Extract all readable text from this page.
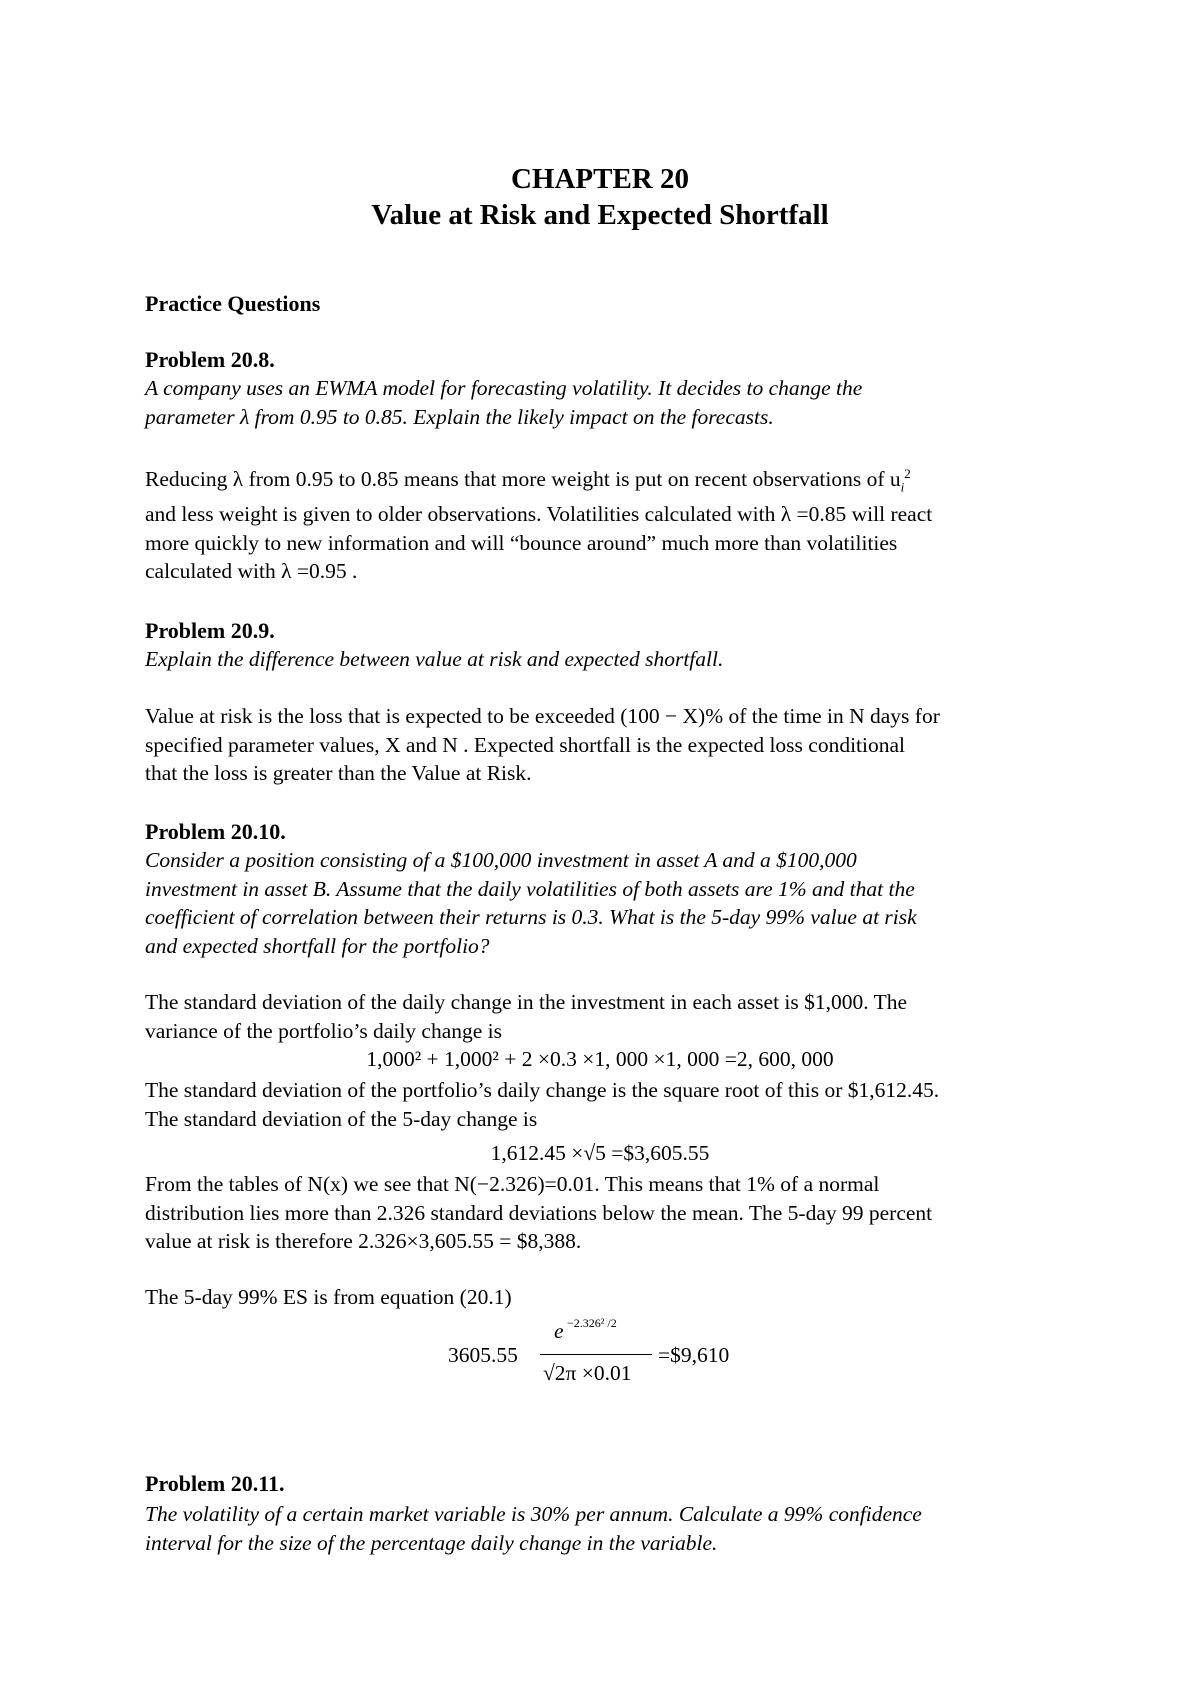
CHAPTER 20
Value at Risk and Expected Shortfall
Practice Questions
Problem 20.8.
A company uses an EWMA model for forecasting volatility. It decides to change the
parameter λ from 0.95 to 0.85. Explain the likely impact on the forecasts.
Reducing λ from 0.95 to 0.85 means that more weight is put on recent observations of $u_i^2$
and less weight is given to older observations. Volatilities calculated with λ =0.85 will react
more quickly to new information and will “bounce around” much more than volatilities
calculated with λ =0.95 .
Problem 20.9.
Explain the difference between value at risk and expected shortfall.
Value at risk is the loss that is expected to be exceeded (100 − X)% of the time in N days for
specified parameter values, X and N . Expected shortfall is the expected loss conditional
that the loss is greater than the Value at Risk.
Problem 20.10.
Consider a position consisting of a $100,000 investment in asset A and a $100,000
investment in asset B. Assume that the daily volatilities of both assets are 1% and that the
coefficient of correlation between their returns is 0.3. What is the 5-day 99% value at risk
and expected shortfall for the portfolio?
The standard deviation of the daily change in the investment in each asset is $1,000. The
variance of the portfolio’s daily change is
1,000² + 1,000² + 2 ×0.3 ×1, 000 ×1, 000 =2, 600, 000
The standard deviation of the portfolio’s daily change is the square root of this or $1,612.45.
The standard deviation of the 5-day change is
1,612.45 ×√5 =$3,605.55
From the tables of N(x) we see that N(−2.326)=0.01. This means that 1% of a normal
distribution lies more than 2.326 standard deviations below the mean. The 5-day 99 percent
value at risk is therefore 2.326×3,605.55 = $8,388.
The 5-day 99% ES is from equation (20.1)
3605.55
e −2.326² /2
√2π ×0.01
=$9,610
Problem 20.11.
The volatility of a certain market variable is 30% per annum. Calculate a 99% confidence
interval for the size of the percentage daily change in the variable.
